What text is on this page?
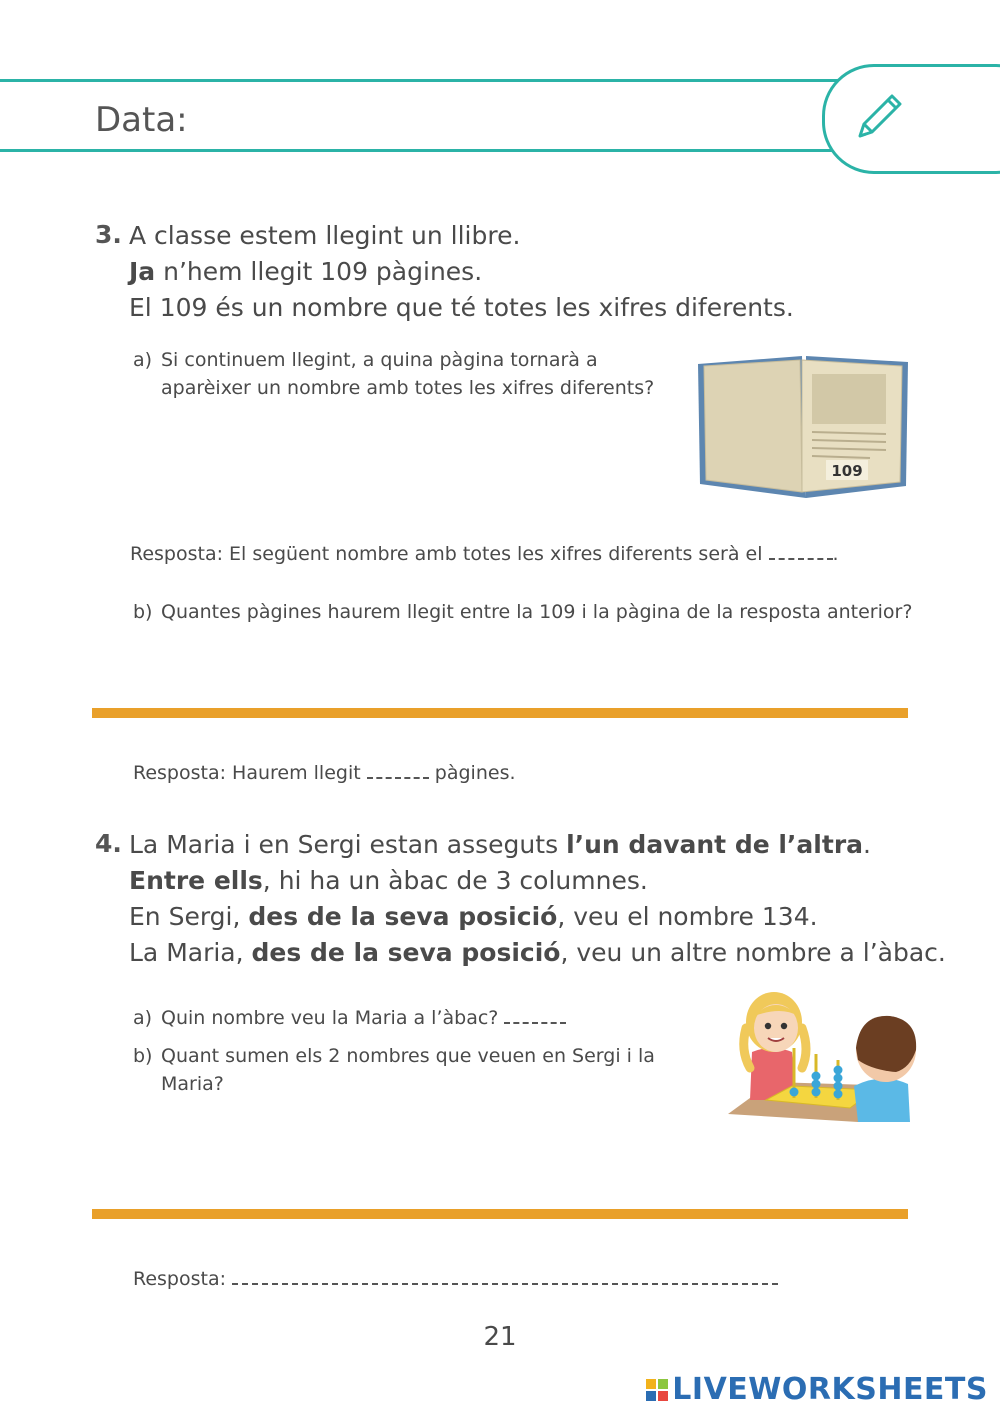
Data:
3. A classe estem llegint un llibre.
Ja n’hem llegit 109 pàgines.
El 109 és un nombre que té totes les xifres diferents.
a) Si continuem llegint, a quina pàgina tornarà a
aparèixer un nombre amb totes les xifres diferents?
109
Resposta: El següent nombre amb totes les xifres diferents serà el	.
b) Quantes pàgines haurem llegit entre la 109 i la pàgina de la resposta anterior?
Resposta: Haurem llegit	pàgines.
4. La Maria i en Sergi estan asseguts l’un davant de l’altra.
Entre ells, hi ha un àbac de 3 columnes.
En Sergi, des de la seva posició, veu el nombre 134.
La Maria, des de la seva posició, veu un altre nombre a l’àbac.
a) Quin nombre veu la Maria a l’àbac?
b) Quant sumen els 2 nombres que veuen en Sergi i la
Maria?
Resposta:
21
LIVEWORKSHEETS
